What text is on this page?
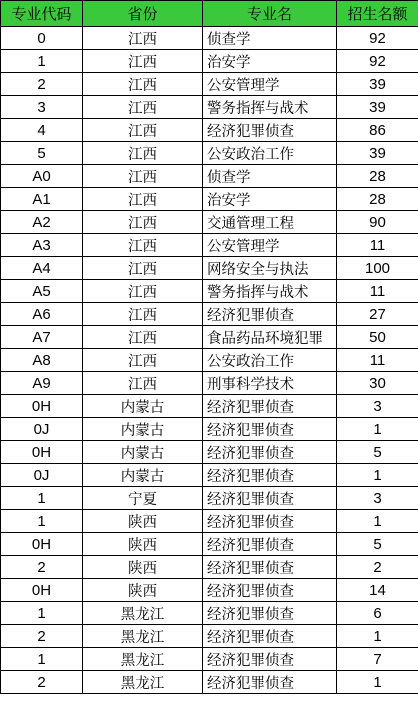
专业代码	省份	专业名	招生名额
0	江西	侦查学	92
1	江西	治安学	92
2	江西	公安管理学	39
3	江西	警务指挥与战术	39
4	江西	经济犯罪侦查	86
5	江西	公安政治工作	39
A0	江西	侦查学	28
A1	江西	治安学	28
A2	江西	交通管理工程	90
A3	江西	公安管理学	11
A4	江西	网络安全与执法	100
A5	江西	警务指挥与战术	11
A6	江西	经济犯罪侦查	27
A7	江西	食品药品环境犯罪	50
A8	江西	公安政治工作	11
A9	江西	刑事科学技术	30
0H	内蒙古	经济犯罪侦查	3
0J	内蒙古	经济犯罪侦查	1
0H	内蒙古	经济犯罪侦查	5
0J	内蒙古	经济犯罪侦查	1
1	宁夏	经济犯罪侦查	3
1	陕西	经济犯罪侦查	1
0H	陕西	经济犯罪侦查	5
2	陕西	经济犯罪侦查	2
0H	陕西	经济犯罪侦查	14
1	黑龙江	经济犯罪侦查	6
2	黑龙江	经济犯罪侦查	1
1	黑龙江	经济犯罪侦查	7
2	黑龙江	经济犯罪侦查	1
